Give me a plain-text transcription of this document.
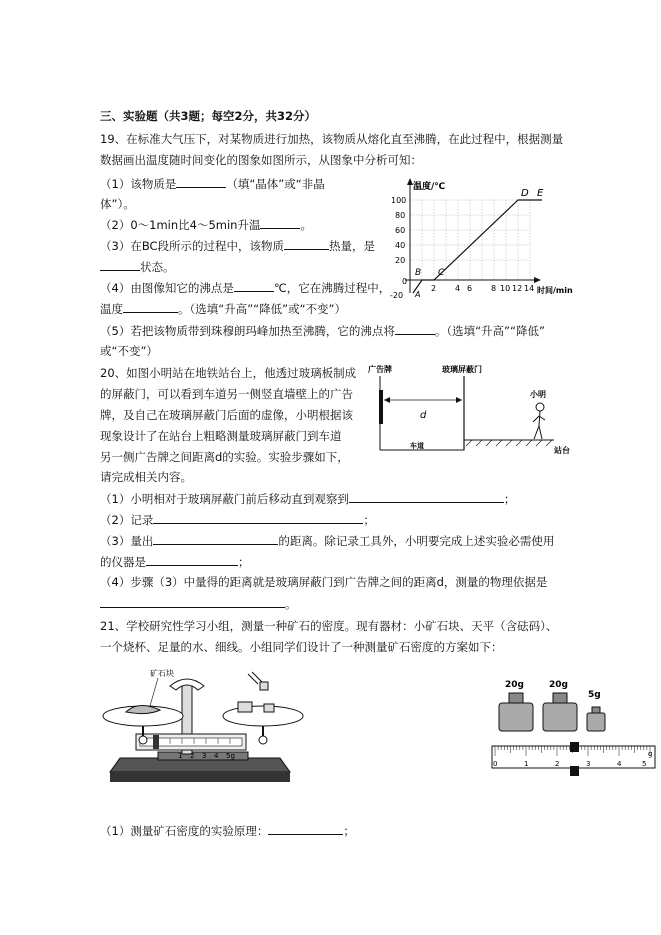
三、实验题（共3题；每空2分，共32分）
19、在标准大气压下，对某物质进行加热，该物质从熔化直至沸腾，在此过程中，根据测量
数据画出温度随时间变化的图象如图所示，从图象中分析可知：
（1）该物质是	（填“晶体”或“非晶
体”）。
（2）0～1min比4～5min升温	。
（3）在BC段所示的过程中，该物质	热量，是
状态。
（4）由图像知它的沸点是	℃，它在沸腾过程中，
温度	。（选填“升高”“降低”或“不变”）
（5）若把该物质带到珠穆朗玛峰加热至沸腾，它的沸点将	。（选填“升高”“降低”
或“不变”）
温度/℃
时间/min
0
100
80
60
40
20
-20
2 4 6 8 10 12 14
A
B C
D E
20、如图小明站在地铁站台上，他透过玻璃板制成
的屏蔽门，可以看到车道另一侧竖直墙壁上的广告
牌，及自己在玻璃屏蔽门后面的虚像，小明根据该
现象设计了在站台上粗略测量玻璃屏蔽门到车道
另一侧广告牌之间距离d的实验。实验步骤如下，
请完成相关内容。
（1）小明相对于玻璃屏蔽门前后移动直到观察到	；
（2）记录	；
（3）量出	的距离。除记录工具外，小明要完成上述实验必需使用
的仪器是	；
（4）步骤（3）中量得的距离就是玻璃屏蔽门到广告牌之间的距离d，测量的物理依据是
。
广告牌	玻璃屏蔽门
d
车道	站台
小明
21、学校研究性学习小组，测量一种矿石的密度。现有器材：小矿石块、天平（含砝码）、
一个烧杯、足量的水、细线。小组同学们设计了一种测量矿石密度的方案如下：
矿石块
1 2 3 4 5g
20g	20g
5g
0	1	2	3	4	5
g
（1）测量矿石密度的实验原理：	；
